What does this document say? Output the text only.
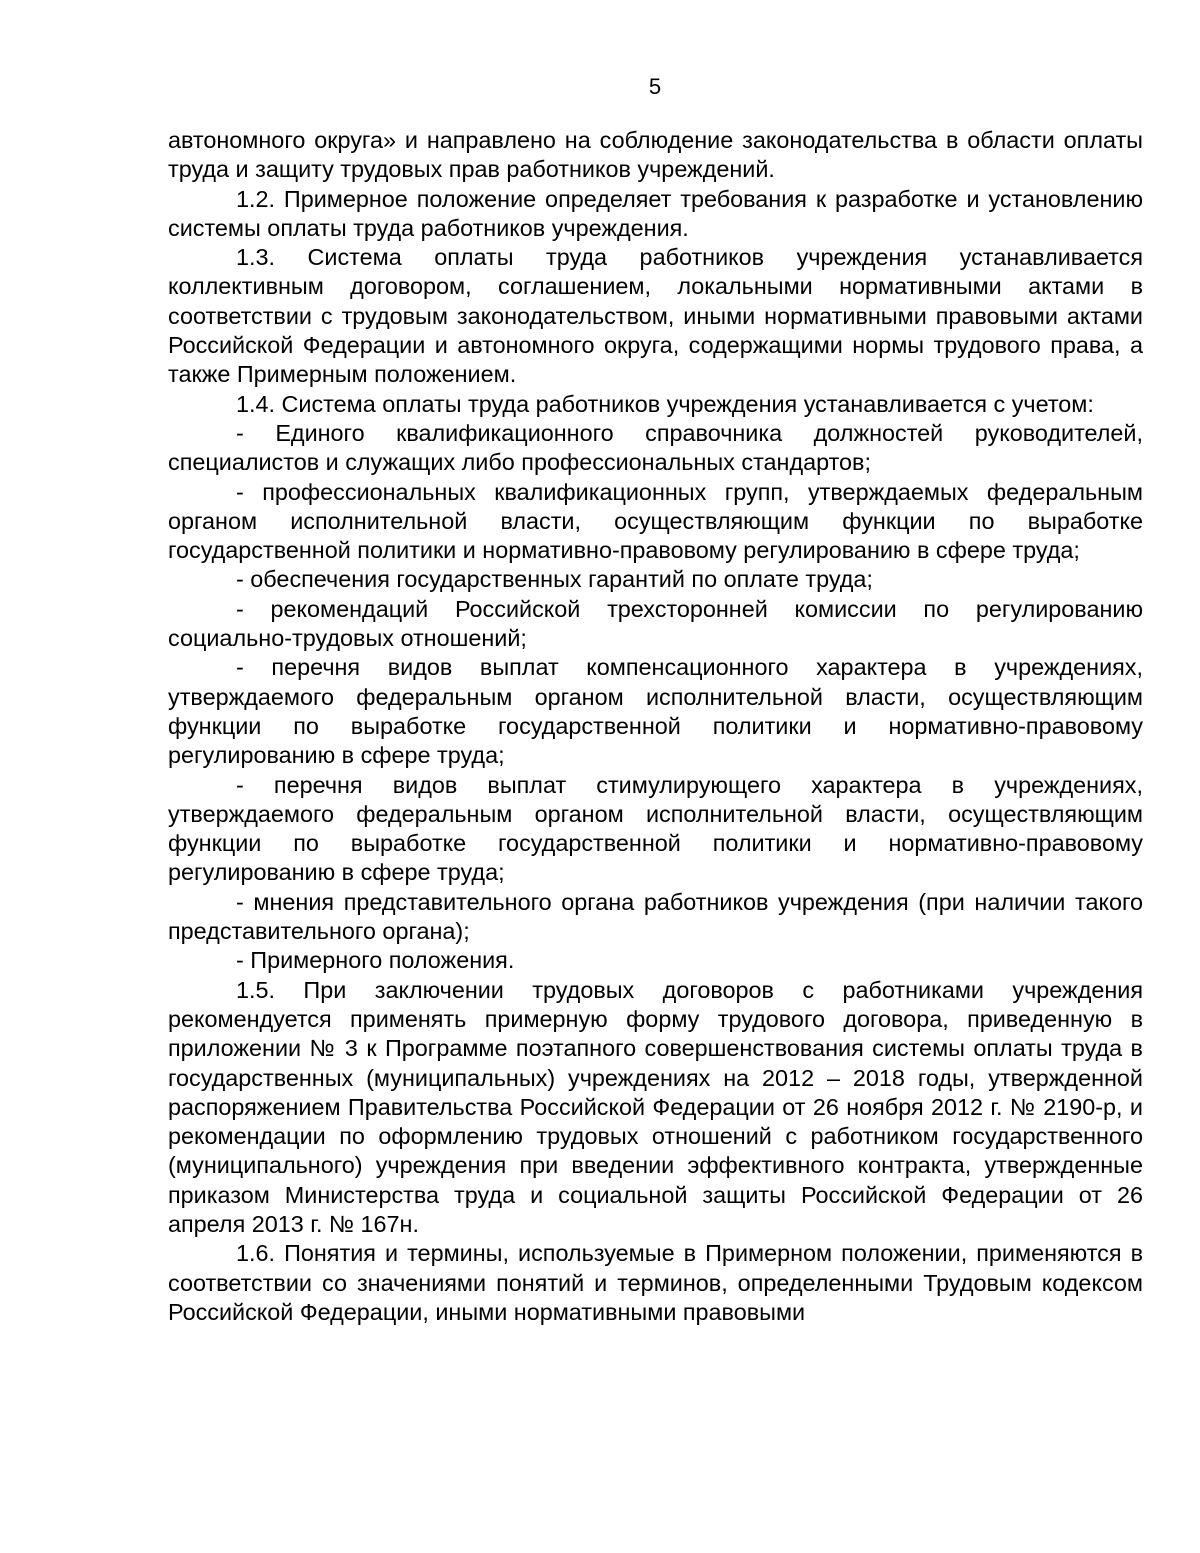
5

автономного округа» и направлено на соблюдение законодательства в области оплаты труда и защиту трудовых прав работников учреждений.

1.2. Примерное положение определяет требования к разработке и установлению системы оплаты труда работников учреждения.

1.3. Система оплаты труда работников учреждения устанавливается коллективным договором, соглашением, локальными нормативными актами в соответствии с трудовым законодательством, иными нормативными правовыми актами Российской Федерации и автономного округа, содержащими нормы трудового права, а также Примерным положением.

1.4. Система оплаты труда работников учреждения устанавливается с учетом:

- Единого квалификационного справочника должностей руководителей, специалистов и служащих либо профессиональных стандартов;

- профессиональных квалификационных групп, утверждаемых федеральным органом исполнительной власти, осуществляющим функции по выработке государственной политики и нормативно-правовому регулированию в сфере труда;

- обеспечения государственных гарантий по оплате труда;

- рекомендаций Российской трехсторонней комиссии по регулированию социально-трудовых отношений;

- перечня видов выплат компенсационного характера в учреждениях, утверждаемого федеральным органом исполнительной власти, осуществляющим функции по выработке государственной политики и нормативно-правовому регулированию в сфере труда;

- перечня видов выплат стимулирующего характера в учреждениях, утверждаемого федеральным органом исполнительной власти, осуществляющим функции по выработке государственной политики и нормативно-правовому регулированию в сфере труда;

- мнения представительного органа работников учреждения (при наличии такого представительного органа);

- Примерного положения.

1.5. При заключении трудовых договоров с работниками учреждения рекомендуется применять примерную форму трудового договора, приведенную в приложении № 3 к Программе поэтапного совершенствования системы оплаты труда в государственных (муниципальных) учреждениях на 2012 – 2018 годы, утвержденной распоряжением Правительства Российской Федерации от 26 ноября 2012 г. № 2190-р, и рекомендации по оформлению трудовых отношений с работником государственного (муниципального) учреждения при введении эффективного контракта, утвержденные приказом Министерства труда и социальной защиты Российской Федерации от 26 апреля 2013 г. № 167н.

1.6. Понятия и термины, используемые в Примерном положении, применяются в соответствии со значениями понятий и терминов, определенными Трудовым кодексом Российской Федерации, иными нормативными правовыми
